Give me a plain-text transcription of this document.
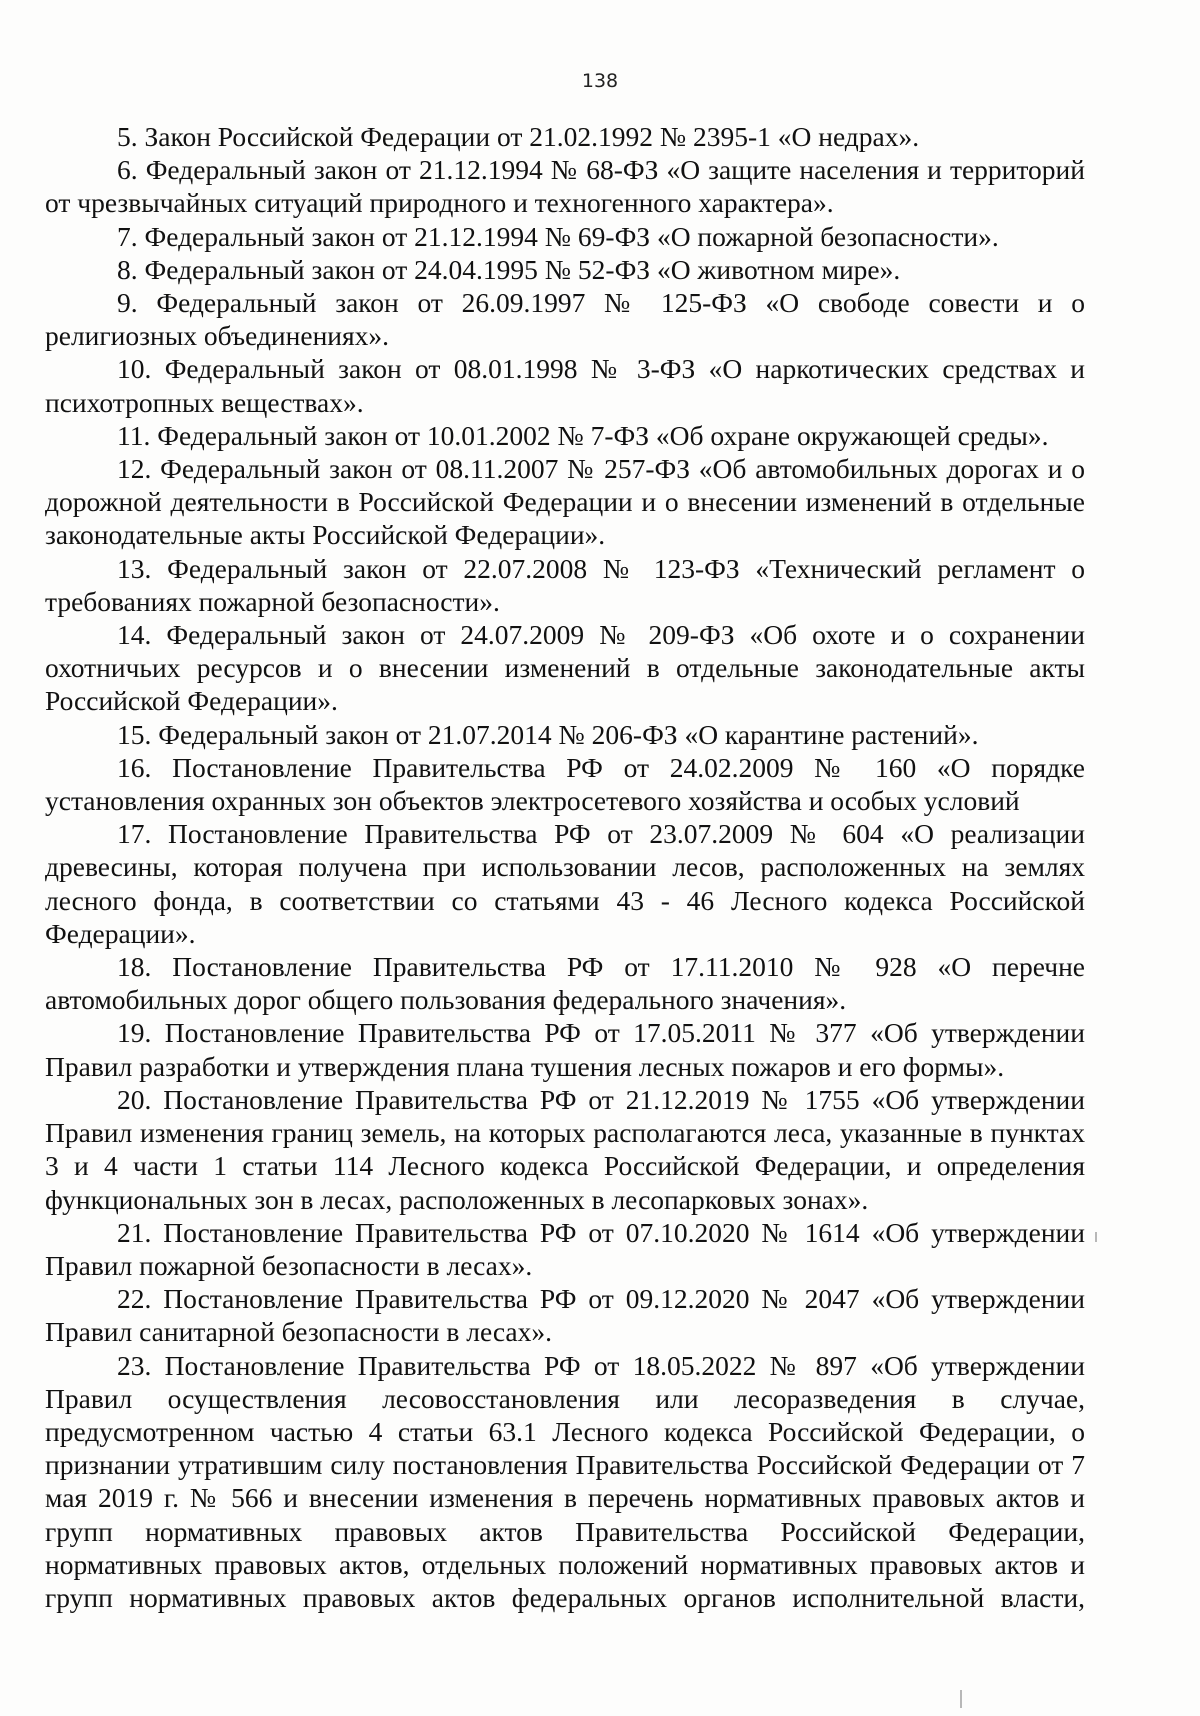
138

5. Закон Российской Федерации от 21.02.1992 № 2395-1 «О недрах».

6. Федеральный закон от 21.12.1994 № 68-ФЗ «О защите населения и территорий от чрезвычайных ситуаций природного и техногенного характера».

7. Федеральный закон от 21.12.1994 № 69-ФЗ «О пожарной безопасности».

8. Федеральный закон от 24.04.1995 № 52-ФЗ «О животном мире».

9. Федеральный закон от 26.09.1997 № 125-ФЗ «О свободе совести и о религиозных объединениях».

10. Федеральный закон от 08.01.1998 № 3-ФЗ «О наркотических средствах и психотропных веществах».

11. Федеральный закон от 10.01.2002 № 7-ФЗ «Об охране окружающей среды».

12. Федеральный закон от 08.11.2007 № 257-ФЗ «Об автомобильных дорогах и о дорожной деятельности в Российской Федерации и о внесении изменений в отдельные законодательные акты Российской Федерации».

13. Федеральный закон от 22.07.2008 № 123-ФЗ «Технический регламент о требованиях пожарной безопасности».

14. Федеральный закон от 24.07.2009 № 209-ФЗ «Об охоте и о сохранении охотничьих ресурсов и о внесении изменений в отдельные законодательные акты Российской Федерации».

15. Федеральный закон от 21.07.2014 № 206-ФЗ «О карантине растений».

16. Постановление Правительства РФ от 24.02.2009 № 160 «О порядке установления охранных зон объектов электросетевого хозяйства и особых условий

17. Постановление Правительства РФ от 23.07.2009 № 604 «О реализации древесины, которая получена при использовании лесов, расположенных на землях лесного фонда, в соответствии со статьями 43 - 46 Лесного кодекса Российской Федерации».

18. Постановление Правительства РФ от 17.11.2010 № 928 «О перечне автомобильных дорог общего пользования федерального значения».

19. Постановление Правительства РФ от 17.05.2011 № 377 «Об утверждении Правил разработки и утверждения плана тушения лесных пожаров и его формы».

20. Постановление Правительства РФ от 21.12.2019 № 1755 «Об утверждении Правил изменения границ земель, на которых располагаются леса, указанные в пунктах 3 и 4 части 1 статьи 114 Лесного кодекса Российской Федерации, и определения функциональных зон в лесах, расположенных в лесопарковых зонах».

21. Постановление Правительства РФ от 07.10.2020 № 1614 «Об утверждении Правил пожарной безопасности в лесах».

22. Постановление Правительства РФ от 09.12.2020 № 2047 «Об утверждении Правил санитарной безопасности в лесах».

23. Постановление Правительства РФ от 18.05.2022 № 897 «Об утверждении Правил осуществления лесовосстановления или лесоразведения в случае, предусмотренном частью 4 статьи 63.1 Лесного кодекса Российской Федерации, о признании утратившим силу постановления Правительства Российской Федерации от 7 мая 2019 г. № 566 и внесении изменения в перечень нормативных правовых актов и групп нормативных правовых актов Правительства Российской Федерации, нормативных правовых актов, отдельных положений нормативных правовых актов и групп нормативных правовых актов федеральных органов исполнительной власти,
